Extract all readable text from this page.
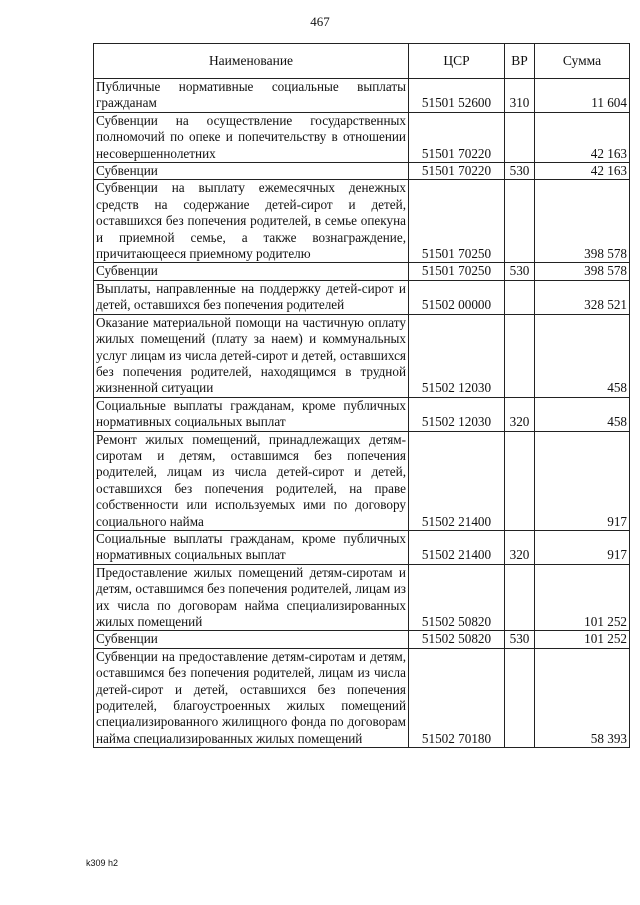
467
Наименование	ЦСР	ВР	Сумма
Публичные нормативные социальные выплаты гражданам	51501 52600	310	11 604
Субвенции на осуществление государственных полномочий по опеке и попечительству в отношении несовершеннолетних	51501 70220		42 163
Субвенции	51501 70220	530	42 163
Субвенции на выплату ежемесячных денежных средств на содержание детей-сирот и детей, оставшихся без попечения родителей, в семье опекуна и приемной семье, а также вознаграждение, причитающееся приемному родителю	51501 70250		398 578
Субвенции	51501 70250	530	398 578
Выплаты, направленные на поддержку детей-сирот и детей, оставшихся без попечения родителей	51502 00000		328 521
Оказание материальной помощи на частичную оплату жилых помещений (плату за наем) и коммунальных услуг лицам из числа детей-сирот и детей, оставшихся без попечения родителей, находящимся в трудной жизненной ситуации	51502 12030		458
Социальные выплаты гражданам, кроме публичных нормативных социальных выплат	51502 12030	320	458
Ремонт жилых помещений, принадлежащих детям-сиротам и детям, оставшимся без попечения родителей, лицам из числа детей-сирот и детей, оставшихся без попечения родителей, на праве собственности или используемых ими по договору социального найма	51502 21400		917
Социальные выплаты гражданам, кроме публичных нормативных социальных выплат	51502 21400	320	917
Предоставление жилых помещений детям-сиротам и детям, оставшимся без попечения родителей, лицам из их числа по договорам найма специализированных жилых помещений	51502 50820		101 252
Субвенции	51502 50820	530	101 252
Субвенции на предоставление детям-сиротам и детям, оставшимся без попечения родителей, лицам из числа детей-сирот и детей, оставшихся без попечения родителей, благоустроенных жилых помещений специализированного жилищного фонда по договорам найма специализированных жилых помещений	51502 70180		58 393
k309 h2
